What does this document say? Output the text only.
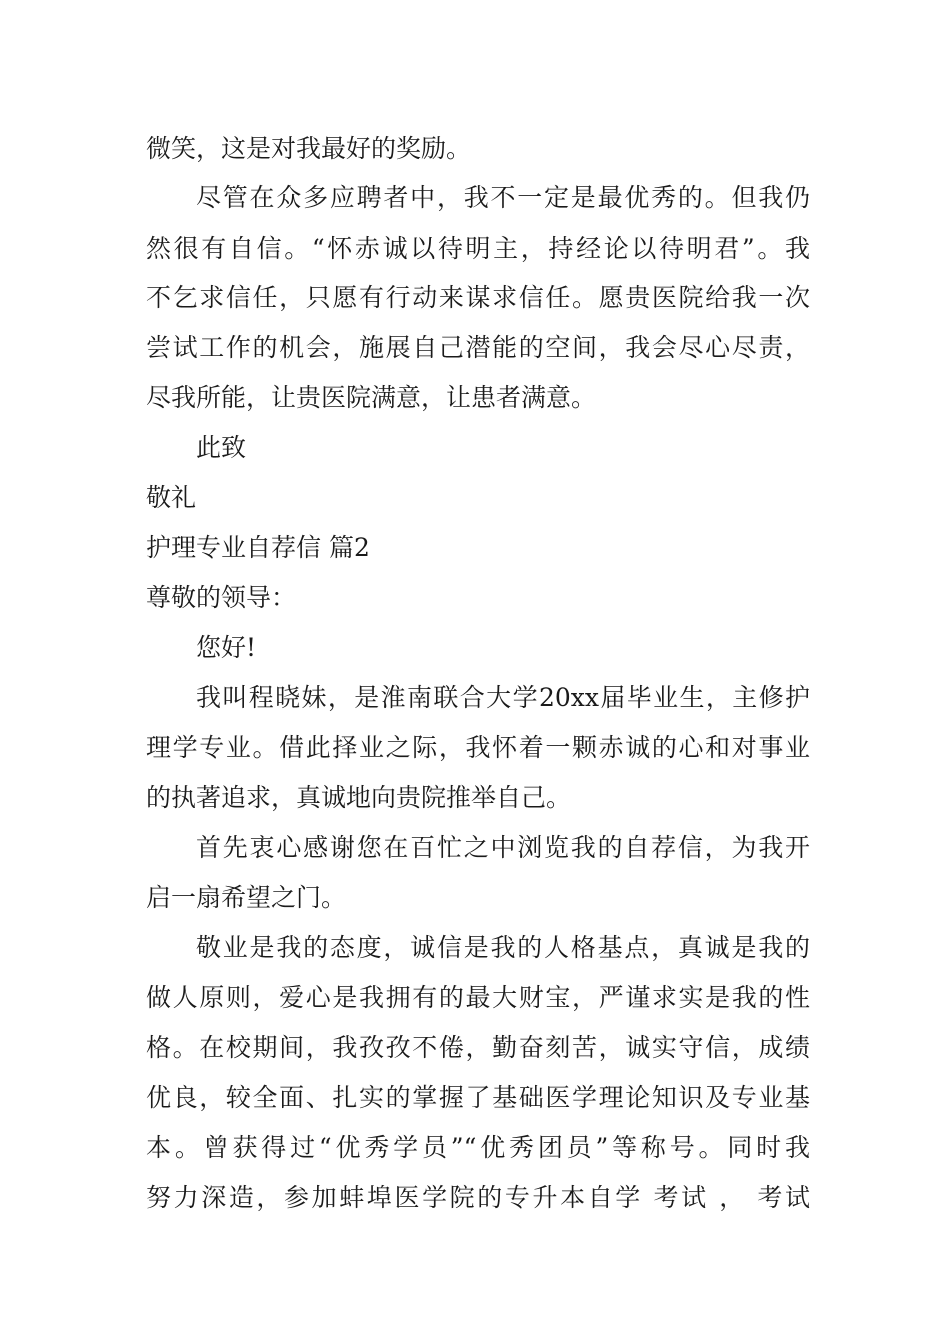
微笑，这是对我最好的奖励。
尽管在众多应聘者中，我不一定是最优秀的。但我仍
然很有自信。“怀赤诚以待明主，持经论以待明君”。我
不乞求信任，只愿有行动来谋求信任。愿贵医院给我一次
尝试工作的机会，施展自己潜能的空间，我会尽心尽责，
尽我所能，让贵医院满意，让患者满意。
此致
敬礼
护理专业自荐信 篇2
尊敬的领导：
您好!
我叫程晓妹，是淮南联合大学20xx届毕业生，主修护
理学专业。借此择业之际，我怀着一颗赤诚的心和对事业
的执著追求，真诚地向贵院推举自己。
首先衷心感谢您在百忙之中浏览我的自荐信，为我开
启一扇希望之门。
敬业是我的态度，诚信是我的人格基点，真诚是我的
做人原则，爱心是我拥有的最大财宝，严谨求实是我的性
格。在校期间，我孜孜不倦，勤奋刻苦，诚实守信，成绩
优良，较全面、扎实的掌握了基础医学理论知识及专业基
本。曾获得过“优秀学员”“优秀团员”等称号。同时我
努力深造，参加蚌埠医学院的专升本自学 考试 ， 考试
